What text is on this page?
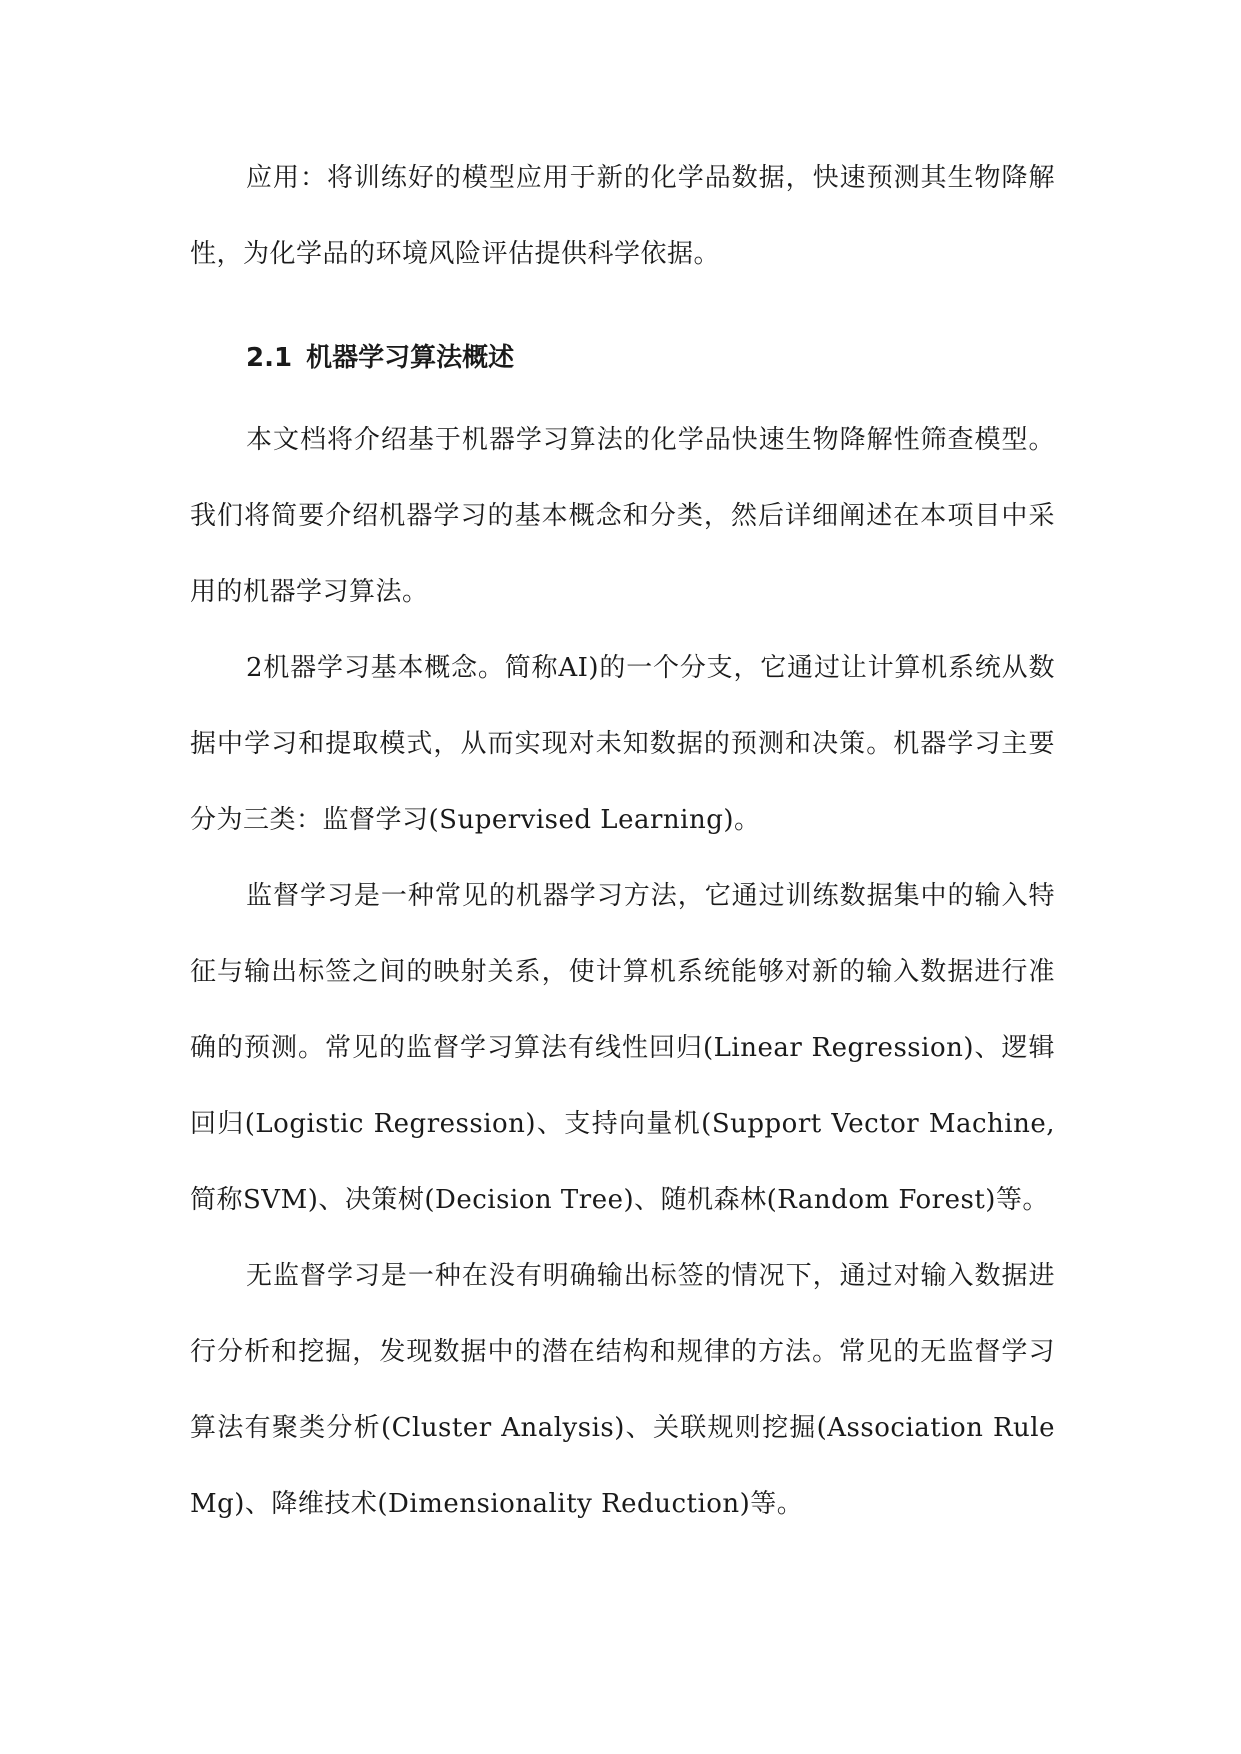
应用：将训练好的模型应用于新的化学品数据，快速预测其生物降解性，为化学品的环境风险评估提供科学依据。

2.1 机器学习算法概述

本文档将介绍基于机器学习算法的化学品快速生物降解性筛查模型。我们将简要介绍机器学习的基本概念和分类，然后详细阐述在本项目中采用的机器学习算法。

2机器学习基本概念。简称AI)的一个分支，它通过让计算机系统从数据中学习和提取模式，从而实现对未知数据的预测和决策。机器学习主要分为三类：监督学习(Supervised Learning)。

监督学习是一种常见的机器学习方法，它通过训练数据集中的输入特征与输出标签之间的映射关系，使计算机系统能够对新的输入数据进行准确的预测。常见的监督学习算法有线性回归(Linear Regression)、逻辑回归(Logistic Regression)、支持向量机(Support Vector Machine,简称SVM)、决策树(Decision Tree)、随机森林(Random Forest)等。

无监督学习是一种在没有明确输出标签的情况下，通过对输入数据进行分析和挖掘，发现数据中的潜在结构和规律的方法。常见的无监督学习算法有聚类分析(Cluster Analysis)、关联规则挖掘(Association Rule Mg)、降维技术(Dimensionality Reduction)等。
